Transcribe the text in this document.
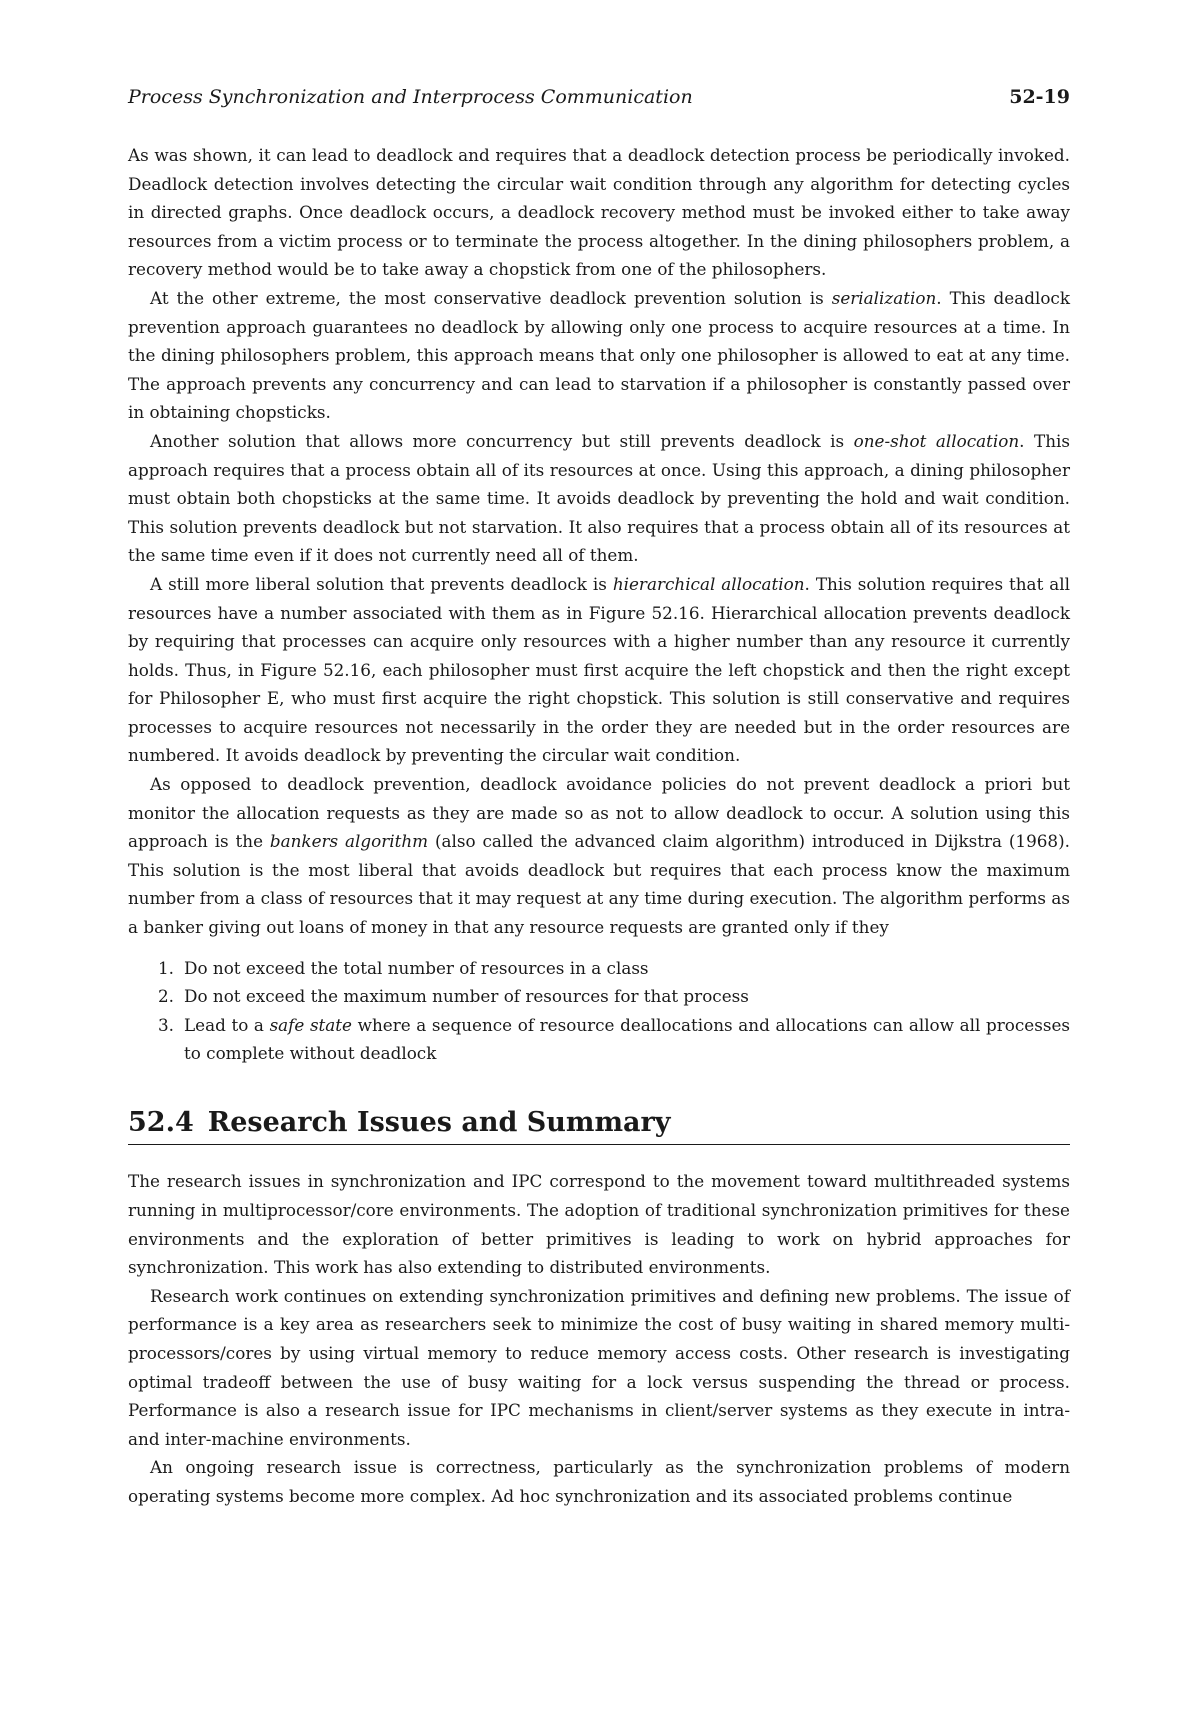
Process Synchronization and Interprocess Communication	52-19

As was shown, it can lead to deadlock and requires that a deadlock detection process be periodically invoked. Deadlock detection involves detecting the circular wait condition through any algorithm for detecting cycles in directed graphs. Once deadlock occurs, a deadlock recovery method must be invoked either to take away resources from a victim process or to terminate the process altogether. In the dining philosophers problem, a recovery method would be to take away a chopstick from one of the philosophers.

At the other extreme, the most conservative deadlock prevention solution is serialization. This deadlock prevention approach guarantees no deadlock by allowing only one process to acquire resources at a time. In the dining philosophers problem, this approach means that only one philosopher is allowed to eat at any time. The approach prevents any concurrency and can lead to starvation if a philosopher is constantly passed over in obtaining chopsticks.

Another solution that allows more concurrency but still prevents deadlock is one-shot allocation. This approach requires that a process obtain all of its resources at once. Using this approach, a dining philosopher must obtain both chopsticks at the same time. It avoids deadlock by preventing the hold and wait condition. This solution prevents deadlock but not starvation. It also requires that a process obtain all of its resources at the same time even if it does not currently need all of them.

A still more liberal solution that prevents deadlock is hierarchical allocation. This solution requires that all resources have a number associated with them as in Figure 52.16. Hierarchical allocation prevents deadlock by requiring that processes can acquire only resources with a higher number than any resource it currently holds. Thus, in Figure 52.16, each philosopher must first acquire the left chopstick and then the right except for Philosopher E, who must first acquire the right chopstick. This solution is still conservative and requires processes to acquire resources not necessarily in the order they are needed but in the order resources are numbered. It avoids deadlock by preventing the circular wait condition.

As opposed to deadlock prevention, deadlock avoidance policies do not prevent deadlock a priori but monitor the allocation requests as they are made so as not to allow deadlock to occur. A solution using this approach is the bankers algorithm (also called the advanced claim algorithm) introduced in Dijkstra (1968). This solution is the most liberal that avoids deadlock but requires that each process know the maximum number from a class of resources that it may request at any time during execution. The algorithm performs as a banker giving out loans of money in that any resource requests are granted only if they

1. Do not exceed the total number of resources in a class
2. Do not exceed the maximum number of resources for that process
3. Lead to a safe state where a sequence of resource deallocations and allocations can allow all processes to complete without deadlock
52.4 Research Issues and Summary

The research issues in synchronization and IPC correspond to the movement toward multithreaded systems running in multiprocessor/core environments. The adoption of traditional synchronization primitives for these environments and the exploration of better primitives is leading to work on hybrid approaches for synchronization. This work has also extending to distributed environments.

Research work continues on extending synchronization primitives and defining new problems. The issue of performance is a key area as researchers seek to minimize the cost of busy waiting in shared memory multi-processors/cores by using virtual memory to reduce memory access costs. Other research is investigating optimal tradeoff between the use of busy waiting for a lock versus suspending the thread or process. Performance is also a research issue for IPC mechanisms in client/server systems as they execute in intra- and inter-machine environments.

An ongoing research issue is correctness, particularly as the synchronization problems of modern operating systems become more complex. Ad hoc synchronization and its associated problems continue
